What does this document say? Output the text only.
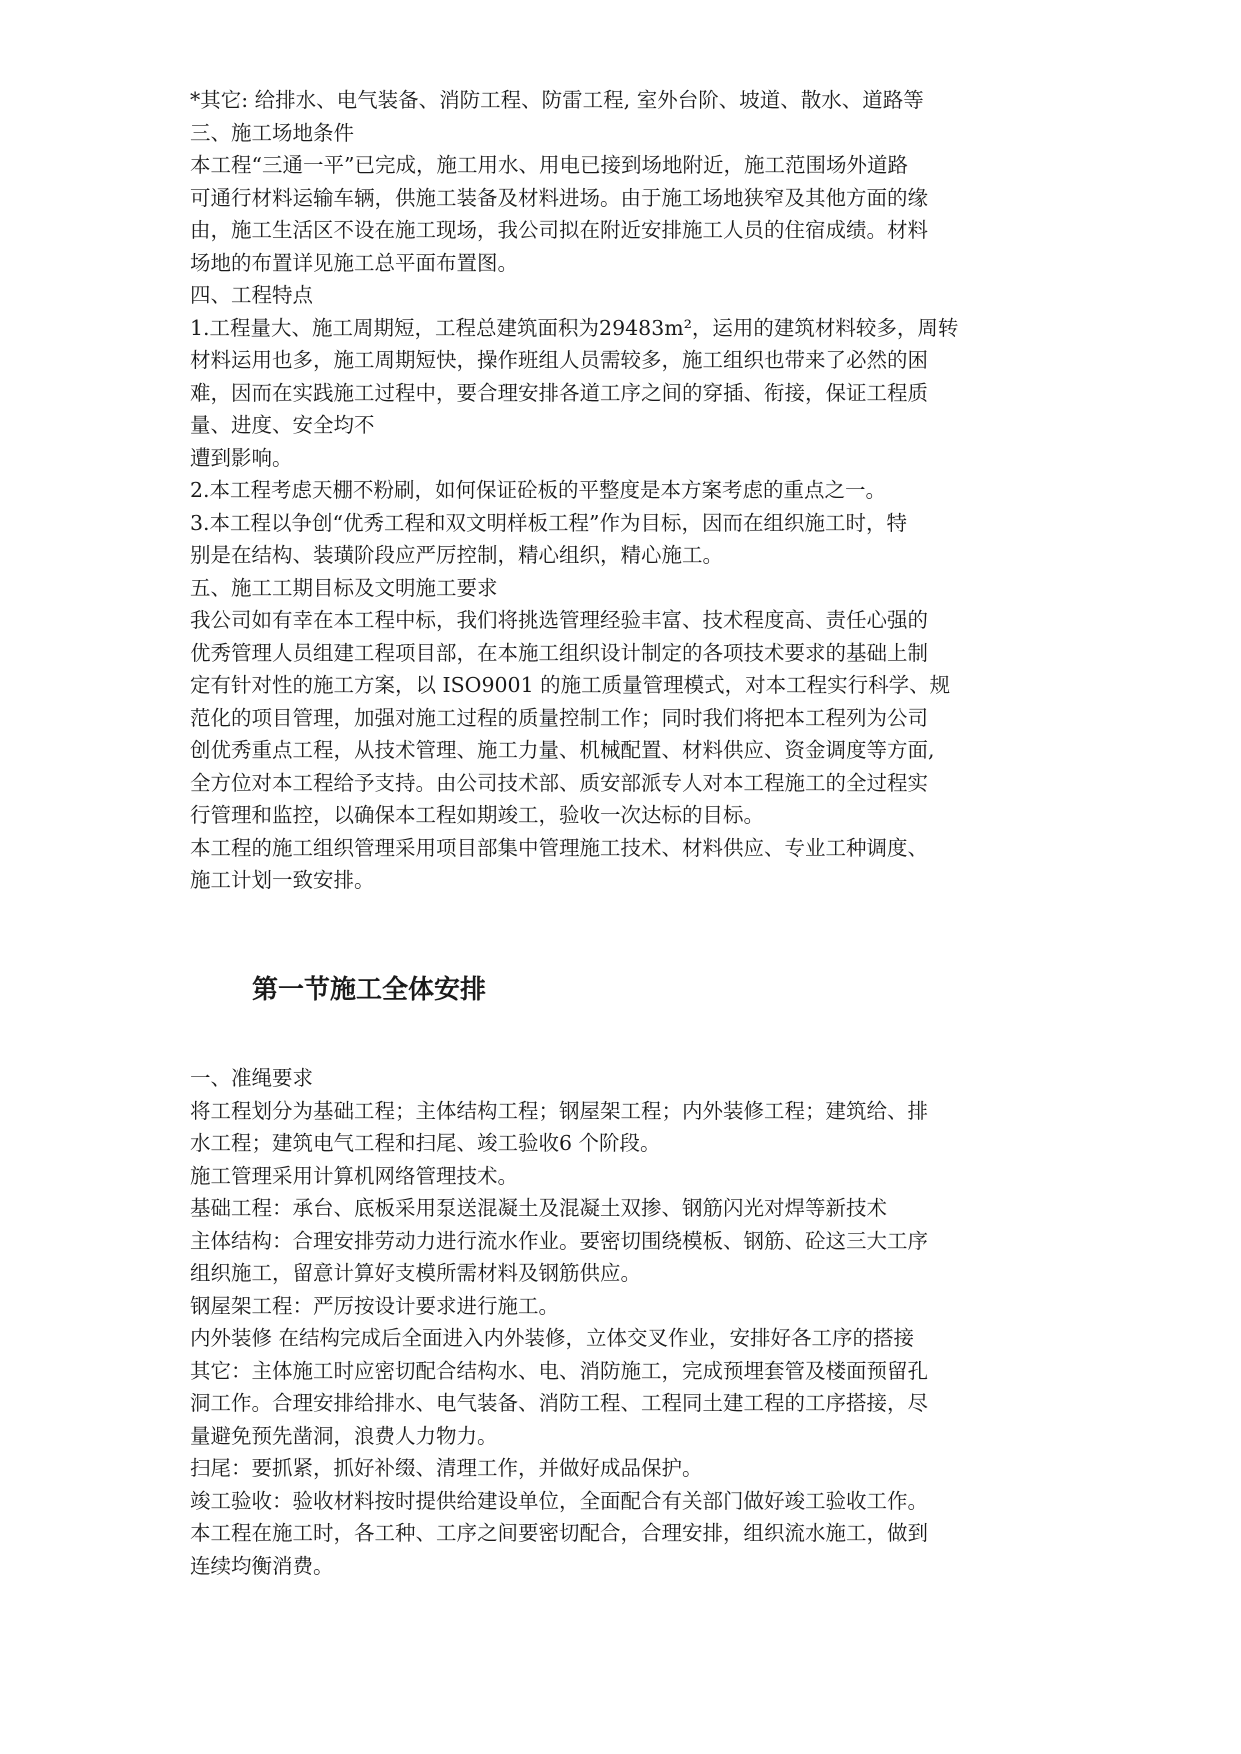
*其它: 给排水、电气装备、消防工程、防雷工程, 室外台阶、坡道、散水、道路等
三、施工场地条件
本工程“三通一平”已完成，施工用水、用电已接到场地附近，施工范围场外道路
可通行材料运输车辆，供施工装备及材料进场。由于施工场地狭窄及其他方面的缘
由，施工生活区不设在施工现场，我公司拟在附近安排施工人员的住宿成绩。材料
场地的布置详见施工总平面布置图。
四、工程特点
1.工程量大、施工周期短，工程总建筑面积为29483m²，运用的建筑材料较多，周转
材料运用也多，施工周期短快，操作班组人员需较多，施工组织也带来了必然的困
难，因而在实践施工过程中，要合理安排各道工序之间的穿插、衔接，保证工程质
量、进度、安全均不
遭到影响。
2.本工程考虑天棚不粉刷，如何保证砼板的平整度是本方案考虑的重点之一。
3.本工程以争创“优秀工程和双文明样板工程”作为目标，因而在组织施工时，特
别是在结构、装璜阶段应严厉控制，精心组织，精心施工。
五、施工工期目标及文明施工要求
我公司如有幸在本工程中标，我们将挑选管理经验丰富、技术程度高、责任心强的
优秀管理人员组建工程项目部，在本施工组织设计制定的各项技术要求的基础上制
定有针对性的施工方案，以 ISO9001 的施工质量管理模式，对本工程实行科学、规
范化的项目管理，加强对施工过程的质量控制工作；同时我们将把本工程列为公司
创优秀重点工程，从技术管理、施工力量、机械配置、材料供应、资金调度等方面,
全方位对本工程给予支持。由公司技术部、质安部派专人对本工程施工的全过程实
行管理和监控，以确保本工程如期竣工，验收一次达标的目标。
本工程的施工组织管理采用项目部集中管理施工技术、材料供应、专业工种调度、
施工计划一致安排。
第一节施工全体安排
一、准绳要求
将工程划分为基础工程；主体结构工程；钢屋架工程；内外装修工程；建筑给、排
水工程；建筑电气工程和扫尾、竣工验收6 个阶段。
施工管理采用计算机网络管理技术。
基础工程：承台、底板采用泵送混凝土及混凝土双掺、钢筋闪光对焊等新技术
主体结构：合理安排劳动力进行流水作业。要密切围绕模板、钢筋、砼这三大工序
组织施工，留意计算好支模所需材料及钢筋供应。
钢屋架工程：严厉按设计要求进行施工。
内外装修 在结构完成后全面进入内外装修，立体交叉作业，安排好各工序的搭接
其它：主体施工时应密切配合结构水、电、消防施工，完成预埋套管及楼面预留孔
洞工作。合理安排给排水、电气装备、消防工程、工程同土建工程的工序搭接，尽
量避免预先凿洞，浪费人力物力。
扫尾：要抓紧，抓好补缀、清理工作，并做好成品保护。
竣工验收：验收材料按时提供给建设单位，全面配合有关部门做好竣工验收工作。
本工程在施工时，各工种、工序之间要密切配合，合理安排，组织流水施工，做到
连续均衡消费。
